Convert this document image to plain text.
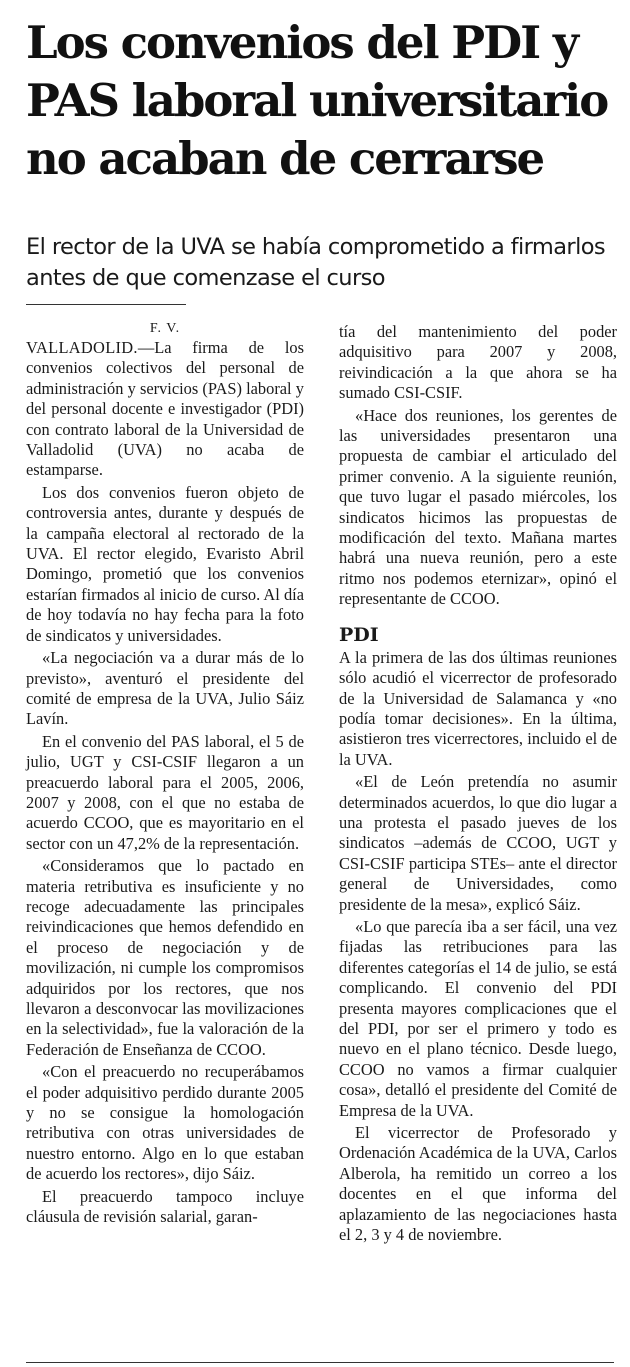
Los convenios del PDI y PAS laboral universitario no acaban de cerrarse
El rector de la UVA se había comprometido a firmarlos antes de que comenzase el curso
F. V.

VALLADOLID.—La firma de los convenios colectivos del personal de administración y servicios (PAS) laboral y del personal docente e investigador (PDI) con contrato laboral de la Universidad de Valladolid (UVA) no acaba de estamparse.

Los dos convenios fueron objeto de controversia antes, durante y después de la campaña electoral al rectorado de la UVA. El rector elegido, Evaristo Abril Domingo, prometió que los convenios estarían firmados al inicio de curso. Al día de hoy todavía no hay fecha para la foto de sindicatos y universidades.

«La negociación va a durar más de lo previsto», aventuró el presidente del comité de empresa de la UVA, Julio Sáiz Lavín.

En el convenio del PAS laboral, el 5 de julio, UGT y CSI-CSIF llegaron a un preacuerdo laboral para el 2005, 2006, 2007 y 2008, con el que no estaba de acuerdo CCOO, que es mayoritario en el sector con un 47,2% de la representación.

«Consideramos que lo pactado en materia retributiva es insuficiente y no recoge adecuadamente las principales reivindicaciones que hemos defendido en el proceso de negociación y de movilización, ni cumple los compromisos adquiridos por los rectores, que nos llevaron a desconvocar las movilizaciones en la selectividad», fue la valoración de la Federación de Enseñanza de CCOO.

«Con el preacuerdo no recuperábamos el poder adquisitivo perdido durante 2005 y no se consigue la homologación retributiva con otras universidades de nuestro entorno. Algo en lo que estaban de acuerdo los rectores», dijo Sáiz.

El preacuerdo tampoco incluye cláusula de revisión salarial, garan-

tía del mantenimiento del poder adquisitivo para 2007 y 2008, reivindicación a la que ahora se ha sumado CSI-CSIF.

«Hace dos reuniones, los gerentes de las universidades presentaron una propuesta de cambiar el articulado del primer convenio. A la siguiente reunión, que tuvo lugar el pasado miércoles, los sindicatos hicimos las propuestas de modificación del texto. Mañana martes habrá una nueva reunión, pero a este ritmo nos podemos eternizar», opinó el representante de CCOO.

PDI

A la primera de las dos últimas reuniones sólo acudió el vicerrector de profesorado de la Universidad de Salamanca y «no podía tomar decisiones». En la última, asistieron tres vicerrectores, incluido el de la UVA.

«El de León pretendía no asumir determinados acuerdos, lo que dio lugar a una protesta el pasado jueves de los sindicatos –además de CCOO, UGT y CSI-CSIF participa STEs– ante el director general de Universidades, como presidente de la mesa», explicó Sáiz.

«Lo que parecía iba a ser fácil, una vez fijadas las retribuciones para las diferentes categorías el 14 de julio, se está complicando. El convenio del PDI presenta mayores complicaciones que el del PDI, por ser el primero y todo es nuevo en el plano técnico. Desde luego, CCOO no vamos a firmar cualquier cosa», detalló el presidente del Comité de Empresa de la UVA.

El vicerrector de Profesorado y Ordenación Académica de la UVA, Carlos Alberola, ha remitido un correo a los docentes en el que informa del aplazamiento de las negociaciones hasta el 2, 3 y 4 de noviembre.
